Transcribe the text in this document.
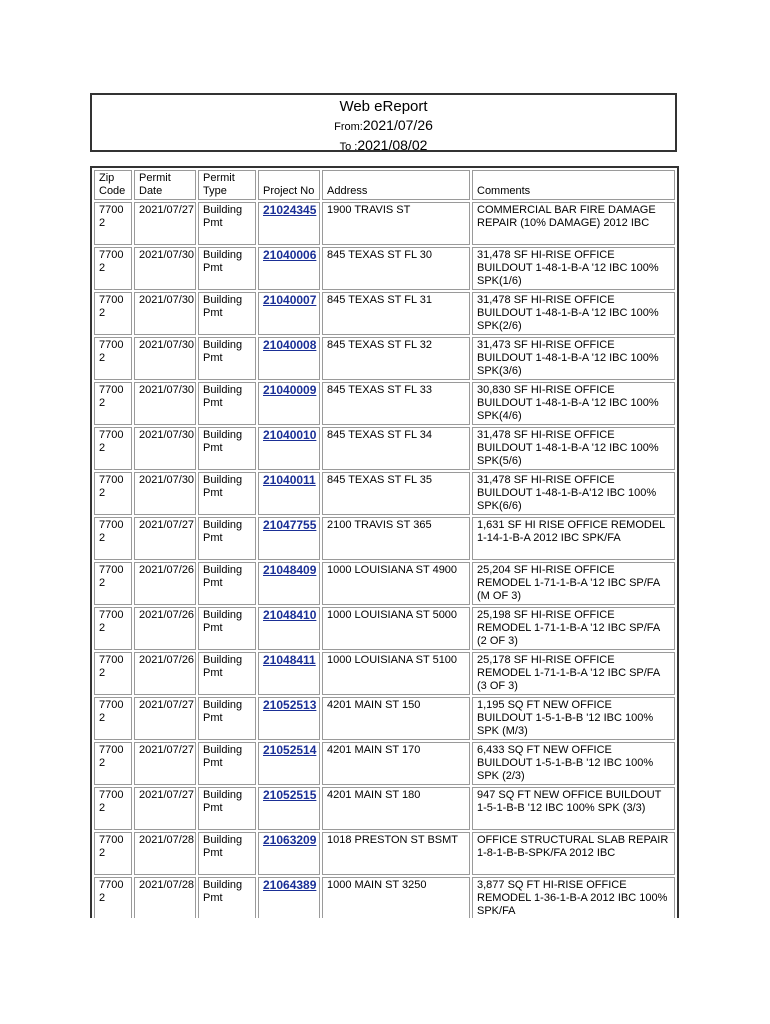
Web eReport
From:2021/07/26
To :2021/08/02
Zip Code	Permit Date	Permit Type	Project No	Address	Comments
7700 2	2021/07/27	Building Pmt	21024345	1900 TRAVIS ST	COMMERCIAL BAR FIRE DAMAGE REPAIR (10% DAMAGE) 2012 IBC
7700 2	2021/07/30	Building Pmt	21040006	845 TEXAS ST FL 30	31,478 SF HI-RISE OFFICE BUILDOUT 1-48-1-B-A '12 IBC 100% SPK(1/6)
7700 2	2021/07/30	Building Pmt	21040007	845 TEXAS ST FL 31	31,478 SF HI-RISE OFFICE BUILDOUT 1-48-1-B-A '12 IBC 100% SPK(2/6)
7700 2	2021/07/30	Building Pmt	21040008	845 TEXAS ST FL 32	31,473 SF HI-RISE OFFICE BUILDOUT 1-48-1-B-A '12 IBC 100% SPK(3/6)
7700 2	2021/07/30	Building Pmt	21040009	845 TEXAS ST FL 33	30,830 SF HI-RISE OFFICE BUILDOUT 1-48-1-B-A '12 IBC 100% SPK(4/6)
7700 2	2021/07/30	Building Pmt	21040010	845 TEXAS ST FL 34	31,478 SF HI-RISE OFFICE BUILDOUT 1-48-1-B-A '12 IBC 100% SPK(5/6)
7700 2	2021/07/30	Building Pmt	21040011	845 TEXAS ST FL 35	31,478 SF HI-RISE OFFICE BUILDOUT 1-48-1-B-A'12 IBC 100% SPK(6/6)
7700 2	2021/07/27	Building Pmt	21047755	2100 TRAVIS ST 365	1,631 SF HI RISE OFFICE REMODEL 1-14-1-B-A 2012 IBC SPK/FA
7700 2	2021/07/26	Building Pmt	21048409	1000 LOUISIANA ST 4900	25,204 SF HI-RISE OFFICE REMODEL 1-71-1-B-A '12 IBC SP/FA (M OF 3)
7700 2	2021/07/26	Building Pmt	21048410	1000 LOUISIANA ST 5000	25,198 SF HI-RISE OFFICE REMODEL 1-71-1-B-A '12 IBC SP/FA (2 OF 3)
7700 2	2021/07/26	Building Pmt	21048411	1000 LOUISIANA ST 5100	25,178 SF HI-RISE OFFICE REMODEL 1-71-1-B-A '12 IBC SP/FA (3 OF 3)
7700 2	2021/07/27	Building Pmt	21052513	4201 MAIN ST 150	1,195 SQ FT NEW OFFICE BUILDOUT 1-5-1-B-B '12 IBC 100% SPK (M/3)
7700 2	2021/07/27	Building Pmt	21052514	4201 MAIN ST 170	6,433 SQ FT NEW OFFICE BUILDOUT 1-5-1-B-B '12 IBC 100% SPK (2/3)
7700 2	2021/07/27	Building Pmt	21052515	4201 MAIN ST 180	947 SQ FT NEW OFFICE BUILDOUT 1-5-1-B-B '12 IBC 100% SPK (3/3)
7700 2	2021/07/28	Building Pmt	21063209	1018 PRESTON ST BSMT	OFFICE STRUCTURAL SLAB REPAIR 1-8-1-B-B-SPK/FA 2012 IBC
7700 2	2021/07/28	Building Pmt	21064389	1000 MAIN ST 3250	3,877 SQ FT HI-RISE OFFICE REMODEL 1-36-1-B-A 2012 IBC 100% SPK/FA
